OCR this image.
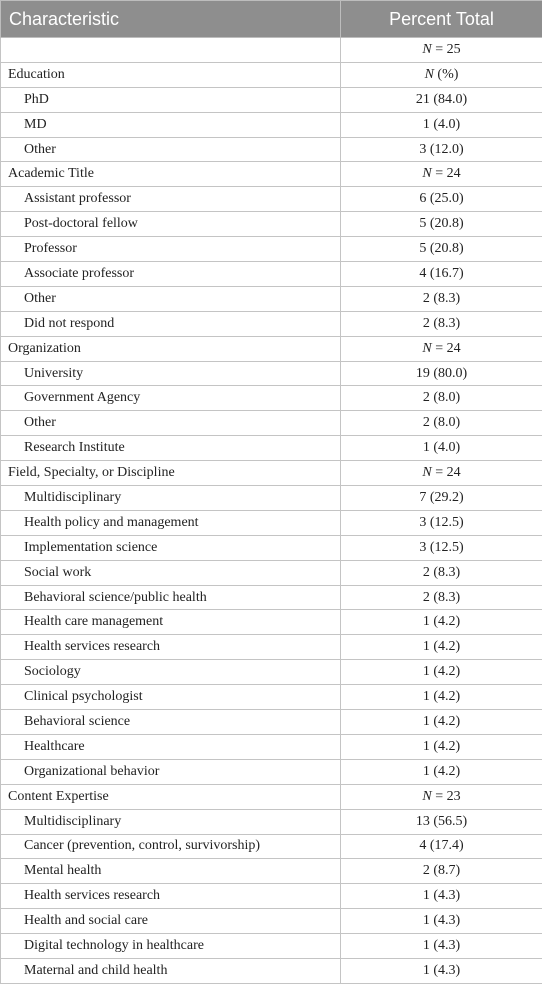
Characteristic	Percent Total
	N = 25
Education	N (%)
PhD	21 (84.0)
MD	1 (4.0)
Other	3 (12.0)
Academic Title	N = 24
Assistant professor	6 (25.0)
Post-doctoral fellow	5 (20.8)
Professor	5 (20.8)
Associate professor	4 (16.7)
Other	2 (8.3)
Did not respond	2 (8.3)
Organization	N = 24
University	19 (80.0)
Government Agency	2 (8.0)
Other	2 (8.0)
Research Institute	1 (4.0)
Field, Specialty, or Discipline	N = 24
Multidisciplinary	7 (29.2)
Health policy and management	3 (12.5)
Implementation science	3 (12.5)
Social work	2 (8.3)
Behavioral science/public health	2 (8.3)
Health care management	1 (4.2)
Health services research	1 (4.2)
Sociology	1 (4.2)
Clinical psychologist	1 (4.2)
Behavioral science	1 (4.2)
Healthcare	1 (4.2)
Organizational behavior	1 (4.2)
Content Expertise	N = 23
Multidisciplinary	13 (56.5)
Cancer (prevention, control, survivorship)	4 (17.4)
Mental health	2 (8.7)
Health services research	1 (4.3)
Health and social care	1 (4.3)
Digital technology in healthcare	1 (4.3)
Maternal and child health	1 (4.3)
